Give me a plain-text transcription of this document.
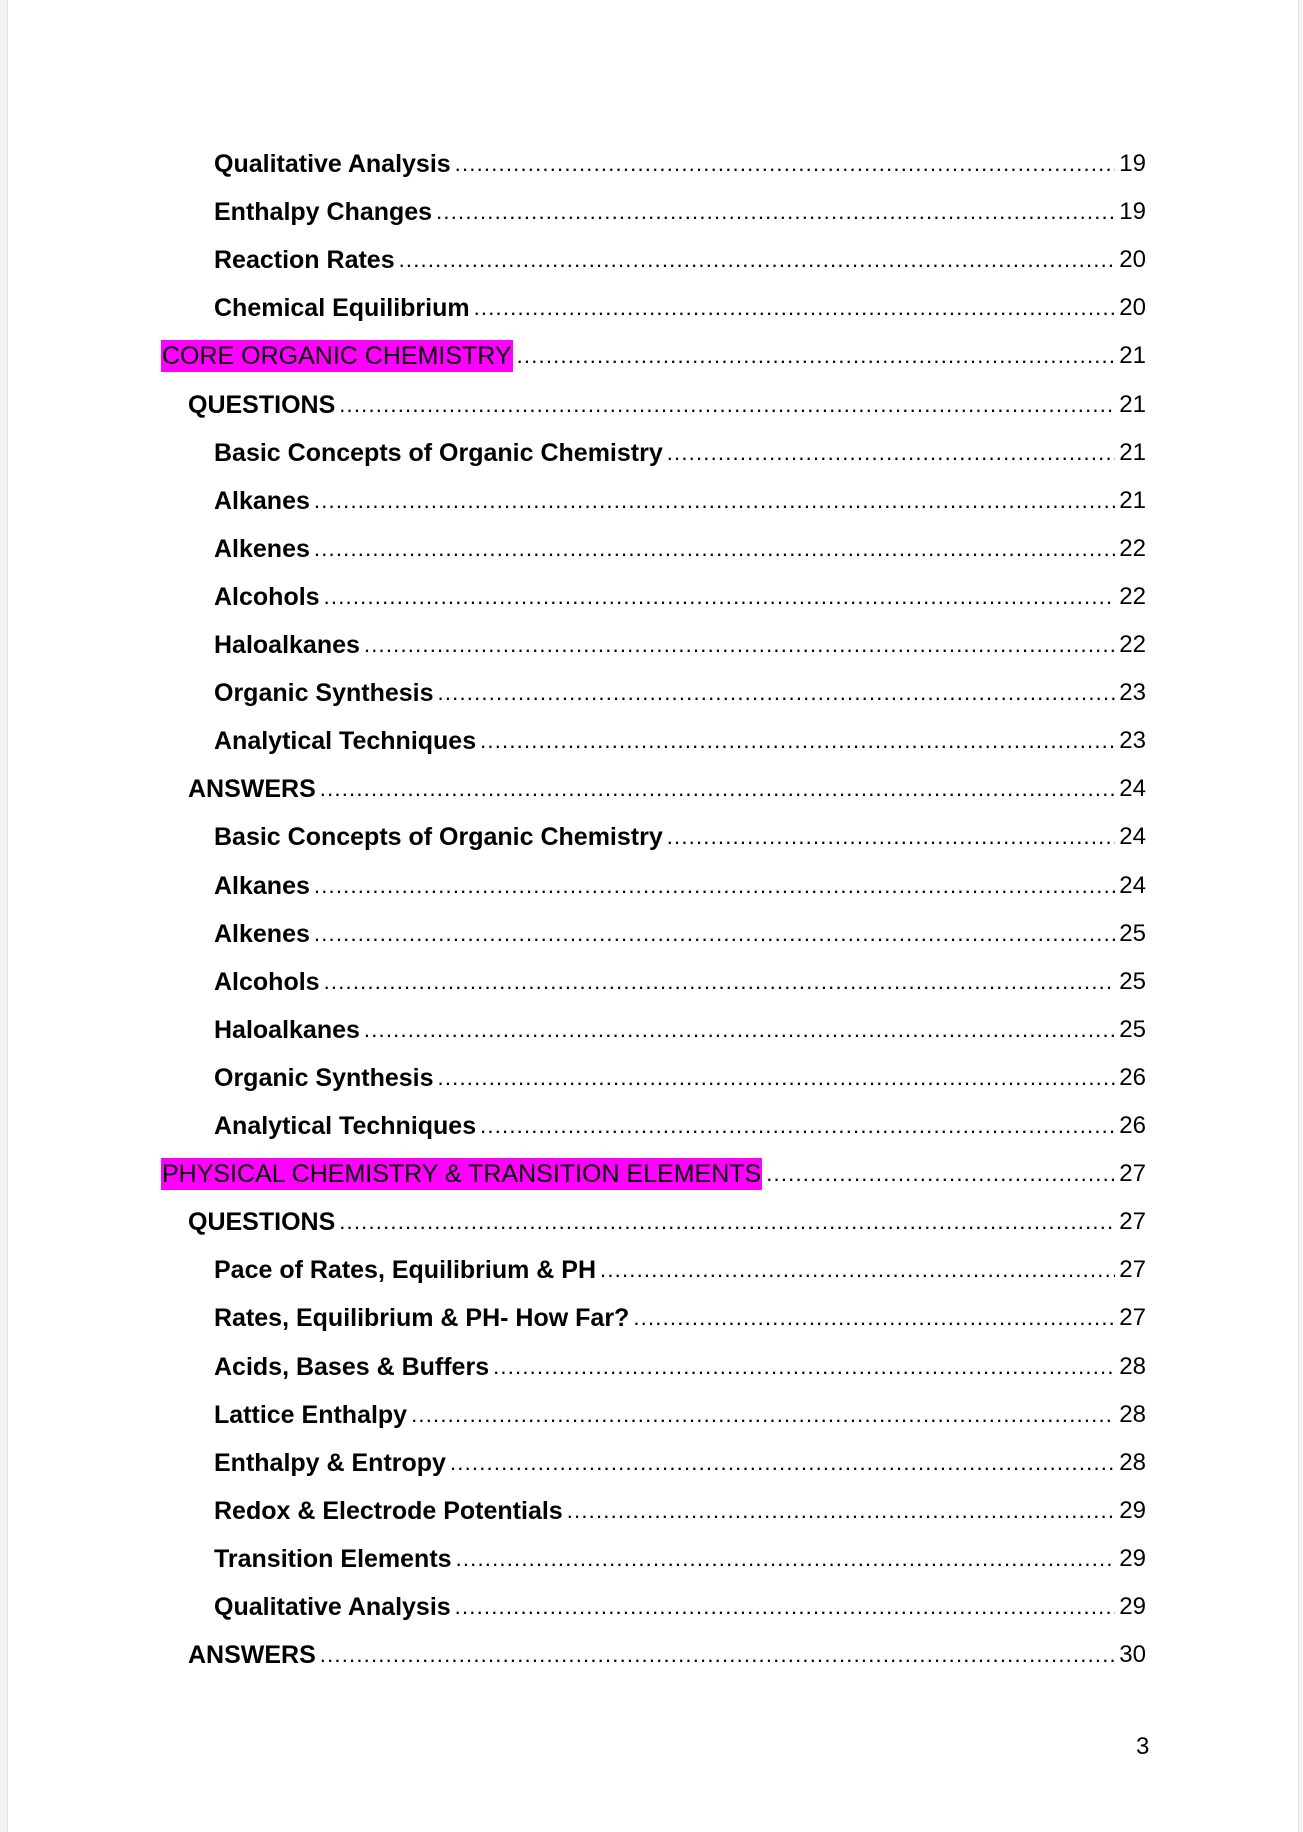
Qualitative Analysis .....	19
Enthalpy Changes .....	19
Reaction Rates .....	20
Chemical Equilibrium .....	20
CORE ORGANIC CHEMISTRY .....	21
QUESTIONS .....	21
Basic Concepts of Organic Chemistry .....	21
Alkanes .....	21
Alkenes .....	22
Alcohols .....	22
Haloalkanes .....	22
Organic Synthesis .....	23
Analytical Techniques .....	23
ANSWERS .....	24
Basic Concepts of Organic Chemistry .....	24
Alkanes .....	24
Alkenes .....	25
Alcohols .....	25
Haloalkanes .....	25
Organic Synthesis .....	26
Analytical Techniques .....	26
PHYSICAL CHEMISTRY & TRANSITION ELEMENTS .....	27
QUESTIONS .....	27
Pace of Rates, Equilibrium & PH .....	27
Rates, Equilibrium & PH- How Far? .....	27
Acids, Bases & Buffers .....	28
Lattice Enthalpy .....	28
Enthalpy & Entropy .....	28
Redox & Electrode Potentials .....	29
Transition Elements .....	29
Qualitative Analysis .....	29
ANSWERS .....	30
3
